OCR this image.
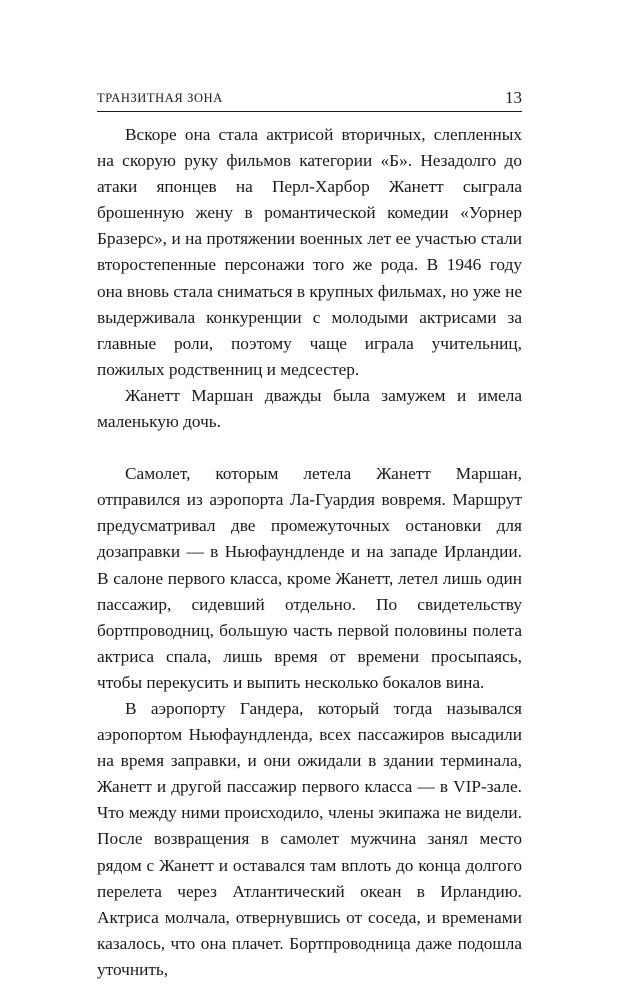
ТРАНЗИТНАЯ ЗОНА	13

Вскоре она стала актрисой вторичных, слепленных на скорую руку фильмов категории «Б». Незадолго до атаки японцев на Перл-Харбор Жанетт сыграла брошенную жену в романтической комедии «Уорнер Бразерс», и на протяжении военных лет ее участью стали второстепенные персонажи того же рода. В 1946 году она вновь стала сниматься в крупных фильмах, но уже не выдерживала конкуренции с молодыми актрисами за главные роли, поэтому чаще играла учительниц, пожилых родственниц и медсестер.

Жанетт Маршан дважды была замужем и имела маленькую дочь.

Самолет, которым летела Жанетт Маршан, отправился из аэропорта Ла-Гуардия вовремя. Маршрут предусматривал две промежуточных остановки для дозаправки — в Ньюфаундленде и на западе Ирландии. В салоне первого класса, кроме Жанетт, летел лишь один пассажир, сидевший отдельно. По свидетельству бортпроводниц, большую часть первой половины полета актриса спала, лишь время от времени просыпаясь, чтобы перекусить и выпить несколько бокалов вина.

В аэропорту Гандера, который тогда назывался аэропортом Ньюфаундленда, всех пассажиров высадили на время заправки, и они ожидали в здании терминала, Жанетт и другой пассажир первого класса — в VIP-зале. Что между ними происходило, члены экипажа не видели. После возвращения в самолет мужчина занял место рядом с Жанетт и оставался там вплоть до конца долгого перелета через Атлантический океан в Ирландию. Актриса молчала, отвернувшись от соседа, и временами казалось, что она плачет. Бортпроводница даже подошла уточнить,
